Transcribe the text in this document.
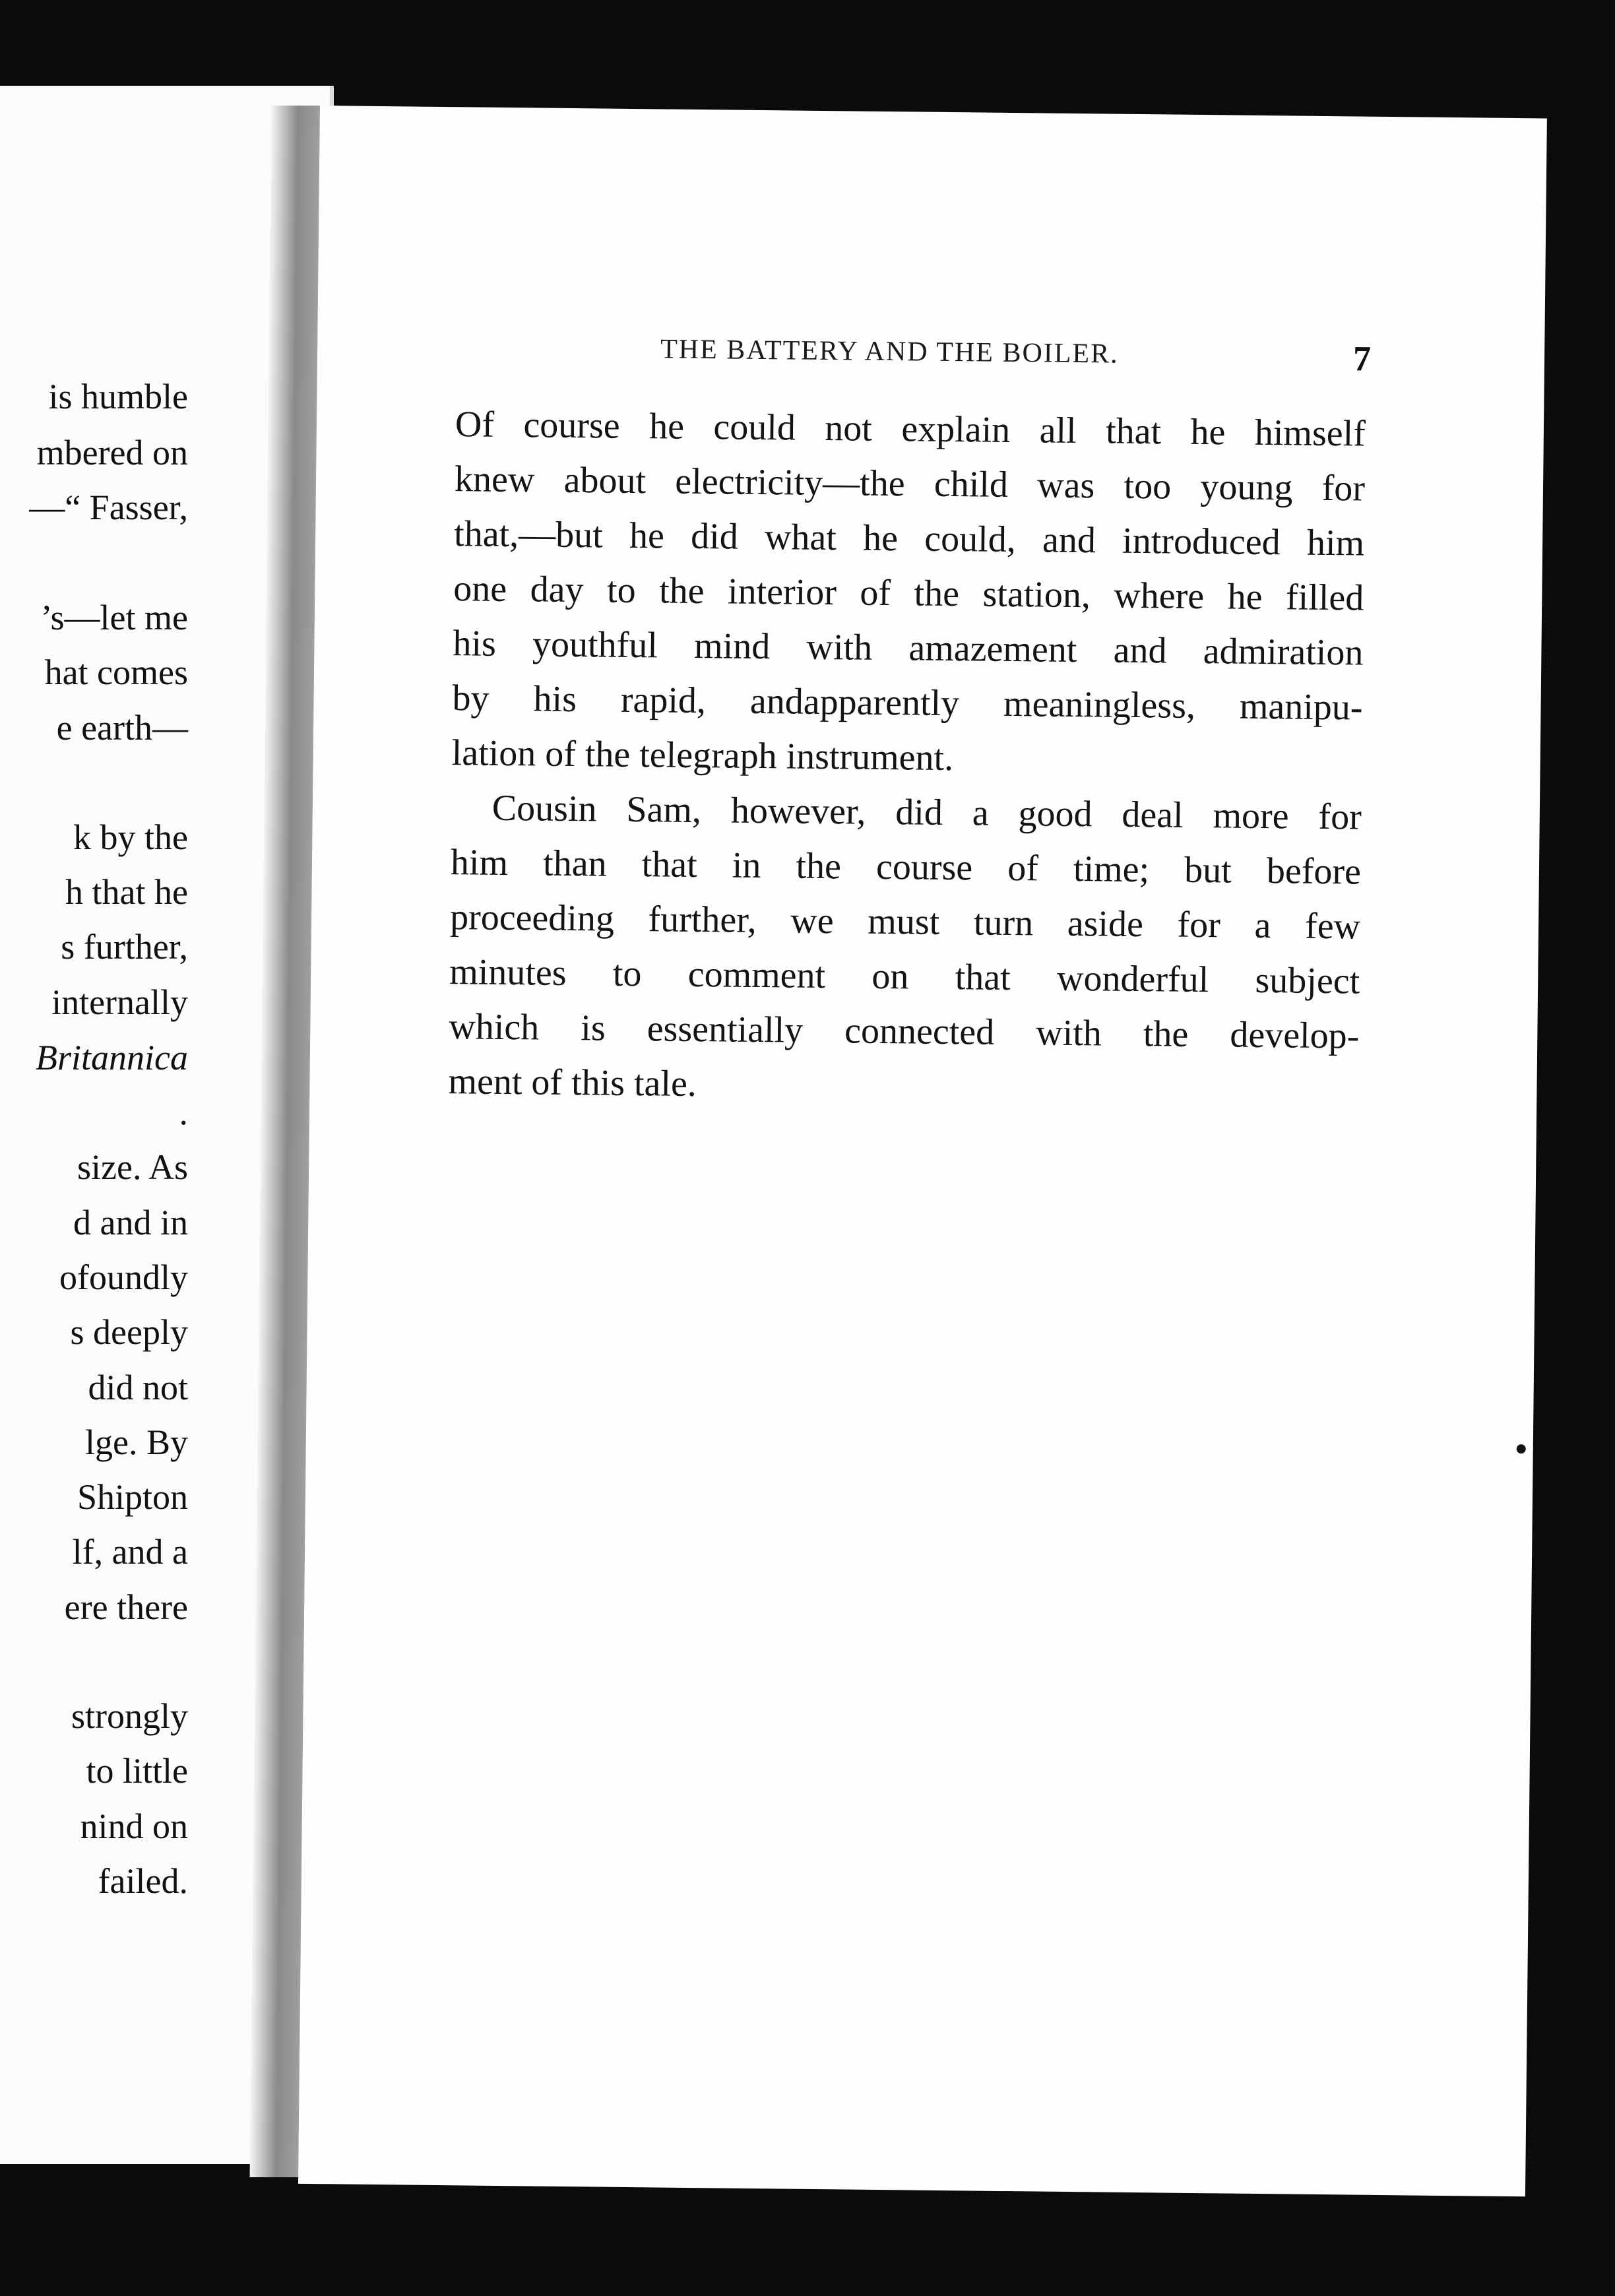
is humble
mbered on
—“ Fasser,
’s—let me
hat comes
e earth—
k by the
h that he
s further,
internally
Britannica
.
size. As
d and in
ofoundly
s deeply
did not
lge. By
Shipton
lf, and a
ere there
strongly
to little
nind on
failed.
THE BATTERY AND THE BOILER.	7
Of course he could not explain all that he himself
knew about electricity—the child was too young for
that,—but he did what he could, and introduced him
one day to the interior of the station, where he filled
his youthful mind with amazement and admiration
by his rapid, andapparently meaningless, manipu-
lation of the telegraph instrument.
Cousin Sam, however, did a good deal more for
him than that in the course of time; but before
proceeding further, we must turn aside for a few
minutes to comment on that wonderful subject
which is essentially connected with the develop-
ment of this tale.
